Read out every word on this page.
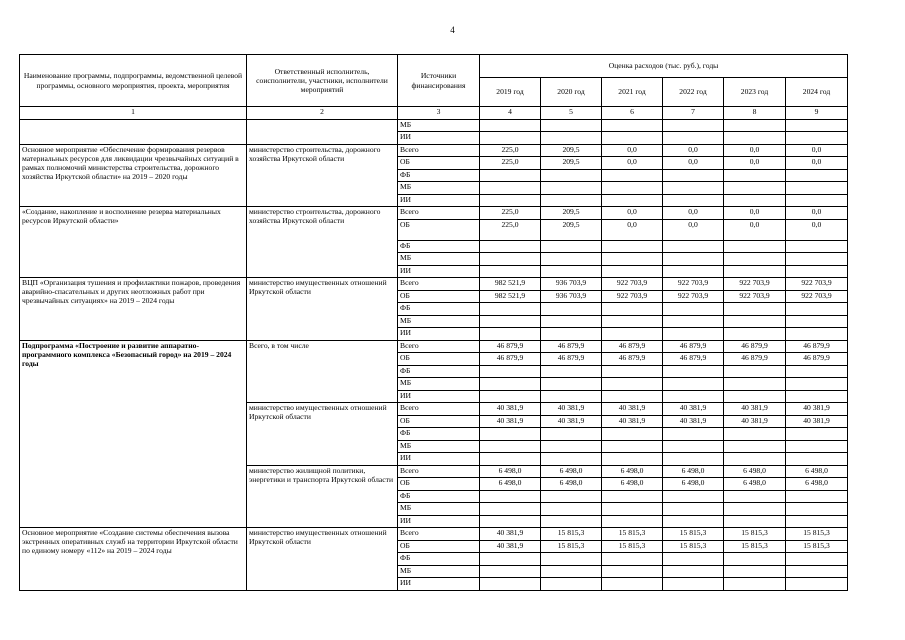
4
Наименование программы, подпрограммы, ведомственной целевой программы, основного мероприятия, проекта, мероприятия	Ответственный исполнитель, соисполнители, участники, исполнители мероприятий	Источники финансирования	Оценка расходов (тыс. руб.), годы					
			2019 год	2020 год	2021 год	2022 год	2023 год	2024 год
1	2	3	4	5	6	7	8	9
		МБ						
		ИИ						
Основное мероприятие «Обеспечение формирования резервов материальных ресурсов для ликвидации чрезвычайных ситуаций в рамках полномочий министерства строительства, дорожного хозяйства Иркутской области» на 2019 – 2020 годы	министерство строительства, дорожного хозяйства Иркутской области	Всего	225,0	209,5	0,0	0,0	0,0	0,0
		ОБ	225,0	209,5	0,0	0,0	0,0	0,0
		ФБ						
		МБ						
		ИИ						
«Создание, накопление и восполнение резерва материальных ресурсов Иркутской области»	министерство строительства, дорожного хозяйства Иркутской области	Всего	225,0	209,5	0,0	0,0	0,0	0,0
		ОБ	225,0	209,5	0,0	0,0	0,0	0,0
		ФБ						
		МБ						
		ИИ						
ВЦП «Организация тушения и профилактики пожаров, проведения аварийно-спасательных и других неотложных работ при чрезвычайных ситуациях» на 2019 – 2024 годы	министерство имущественных отношений Иркутской области	Всего	982 521,9	936 703,9	922 703,9	922 703,9	922 703,9	922 703,9
		ОБ	982 521,9	936 703,9	922 703,9	922 703,9	922 703,9	922 703,9
		ФБ						
		МБ						
		ИИ						
Подпрограмма «Построение и развитие аппаратно-программного комплекса «Безопасный город» на 2019 – 2024 годы	Всего, в том числе	Всего	46 879,9	46 879,9	46 879,9	46 879,9	46 879,9	46 879,9
		ОБ	46 879,9	46 879,9	46 879,9	46 879,9	46 879,9	46 879,9
		ФБ						
		МБ						
		ИИ						
	министерство имущественных отношений Иркутской области	Всего	40 381,9	40 381,9	40 381,9	40 381,9	40 381,9	40 381,9
		ОБ	40 381,9	40 381,9	40 381,9	40 381,9	40 381,9	40 381,9
		ФБ						
		МБ						
		ИИ						
	министерство жилищной политики, энергетики и транспорта Иркутской области	Всего	6 498,0	6 498,0	6 498,0	6 498,0	6 498,0	6 498,0
		ОБ	6 498,0	6 498,0	6 498,0	6 498,0	6 498,0	6 498,0
		ФБ						
		МБ						
		ИИ						
Основное мероприятие «Создание системы обеспечения вызова экстренных оперативных служб на территории Иркутской области по единому номеру «112» на 2019 – 2024 годы	министерство имущественных отношений Иркутской области	Всего	40 381,9	15 815,3	15 815,3	15 815,3	15 815,3	15 815,3
		ОБ	40 381,9	15 815,3	15 815,3	15 815,3	15 815,3	15 815,3
		ФБ						
		МБ						
		ИИ						
